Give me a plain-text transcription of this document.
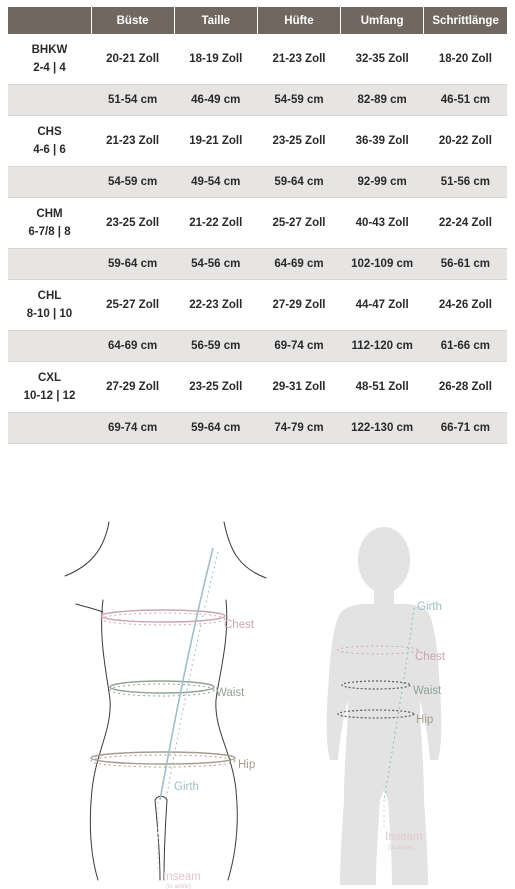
	Büste	Taille	Hüfte	Umfang	Schrittlänge

BHKW
2-4 | 4	20-21 Zoll	18-19 Zoll	21-23 Zoll	32-35 Zoll	18-20 Zoll
	51-54 cm	46-49 cm	54-59 cm	82-89 cm	46-51 cm

CHS
4-6 | 6	21-23 Zoll	19-21 Zoll	23-25 Zoll	36-39 Zoll	20-22 Zoll
	54-59 cm	49-54 cm	59-64 cm	92-99 cm	51-56 cm

CHM
6-7/8 | 8	23-25 Zoll	21-22 Zoll	25-27 Zoll	40-43 Zoll	22-24 Zoll
	59-64 cm	54-56 cm	64-69 cm	102-109 cm	56-61 cm

CHL
8-10 | 10	25-27 Zoll	22-23 Zoll	27-29 Zoll	44-47 Zoll	24-26 Zoll
	64-69 cm	56-59 cm	69-74 cm	112-120 cm	61-66 cm

CXL
10-12 | 12	27-29 Zoll	23-25 Zoll	29-31 Zoll	48-51 Zoll	26-28 Zoll
	69-74 cm	59-64 cm	74-79 cm	122-130 cm	66-71 cm
Chest
Waist
Hip
Girth
Inseam
(to ankle)
Girth
Chest
Waist
Hip
Inseam
(to ankle)
